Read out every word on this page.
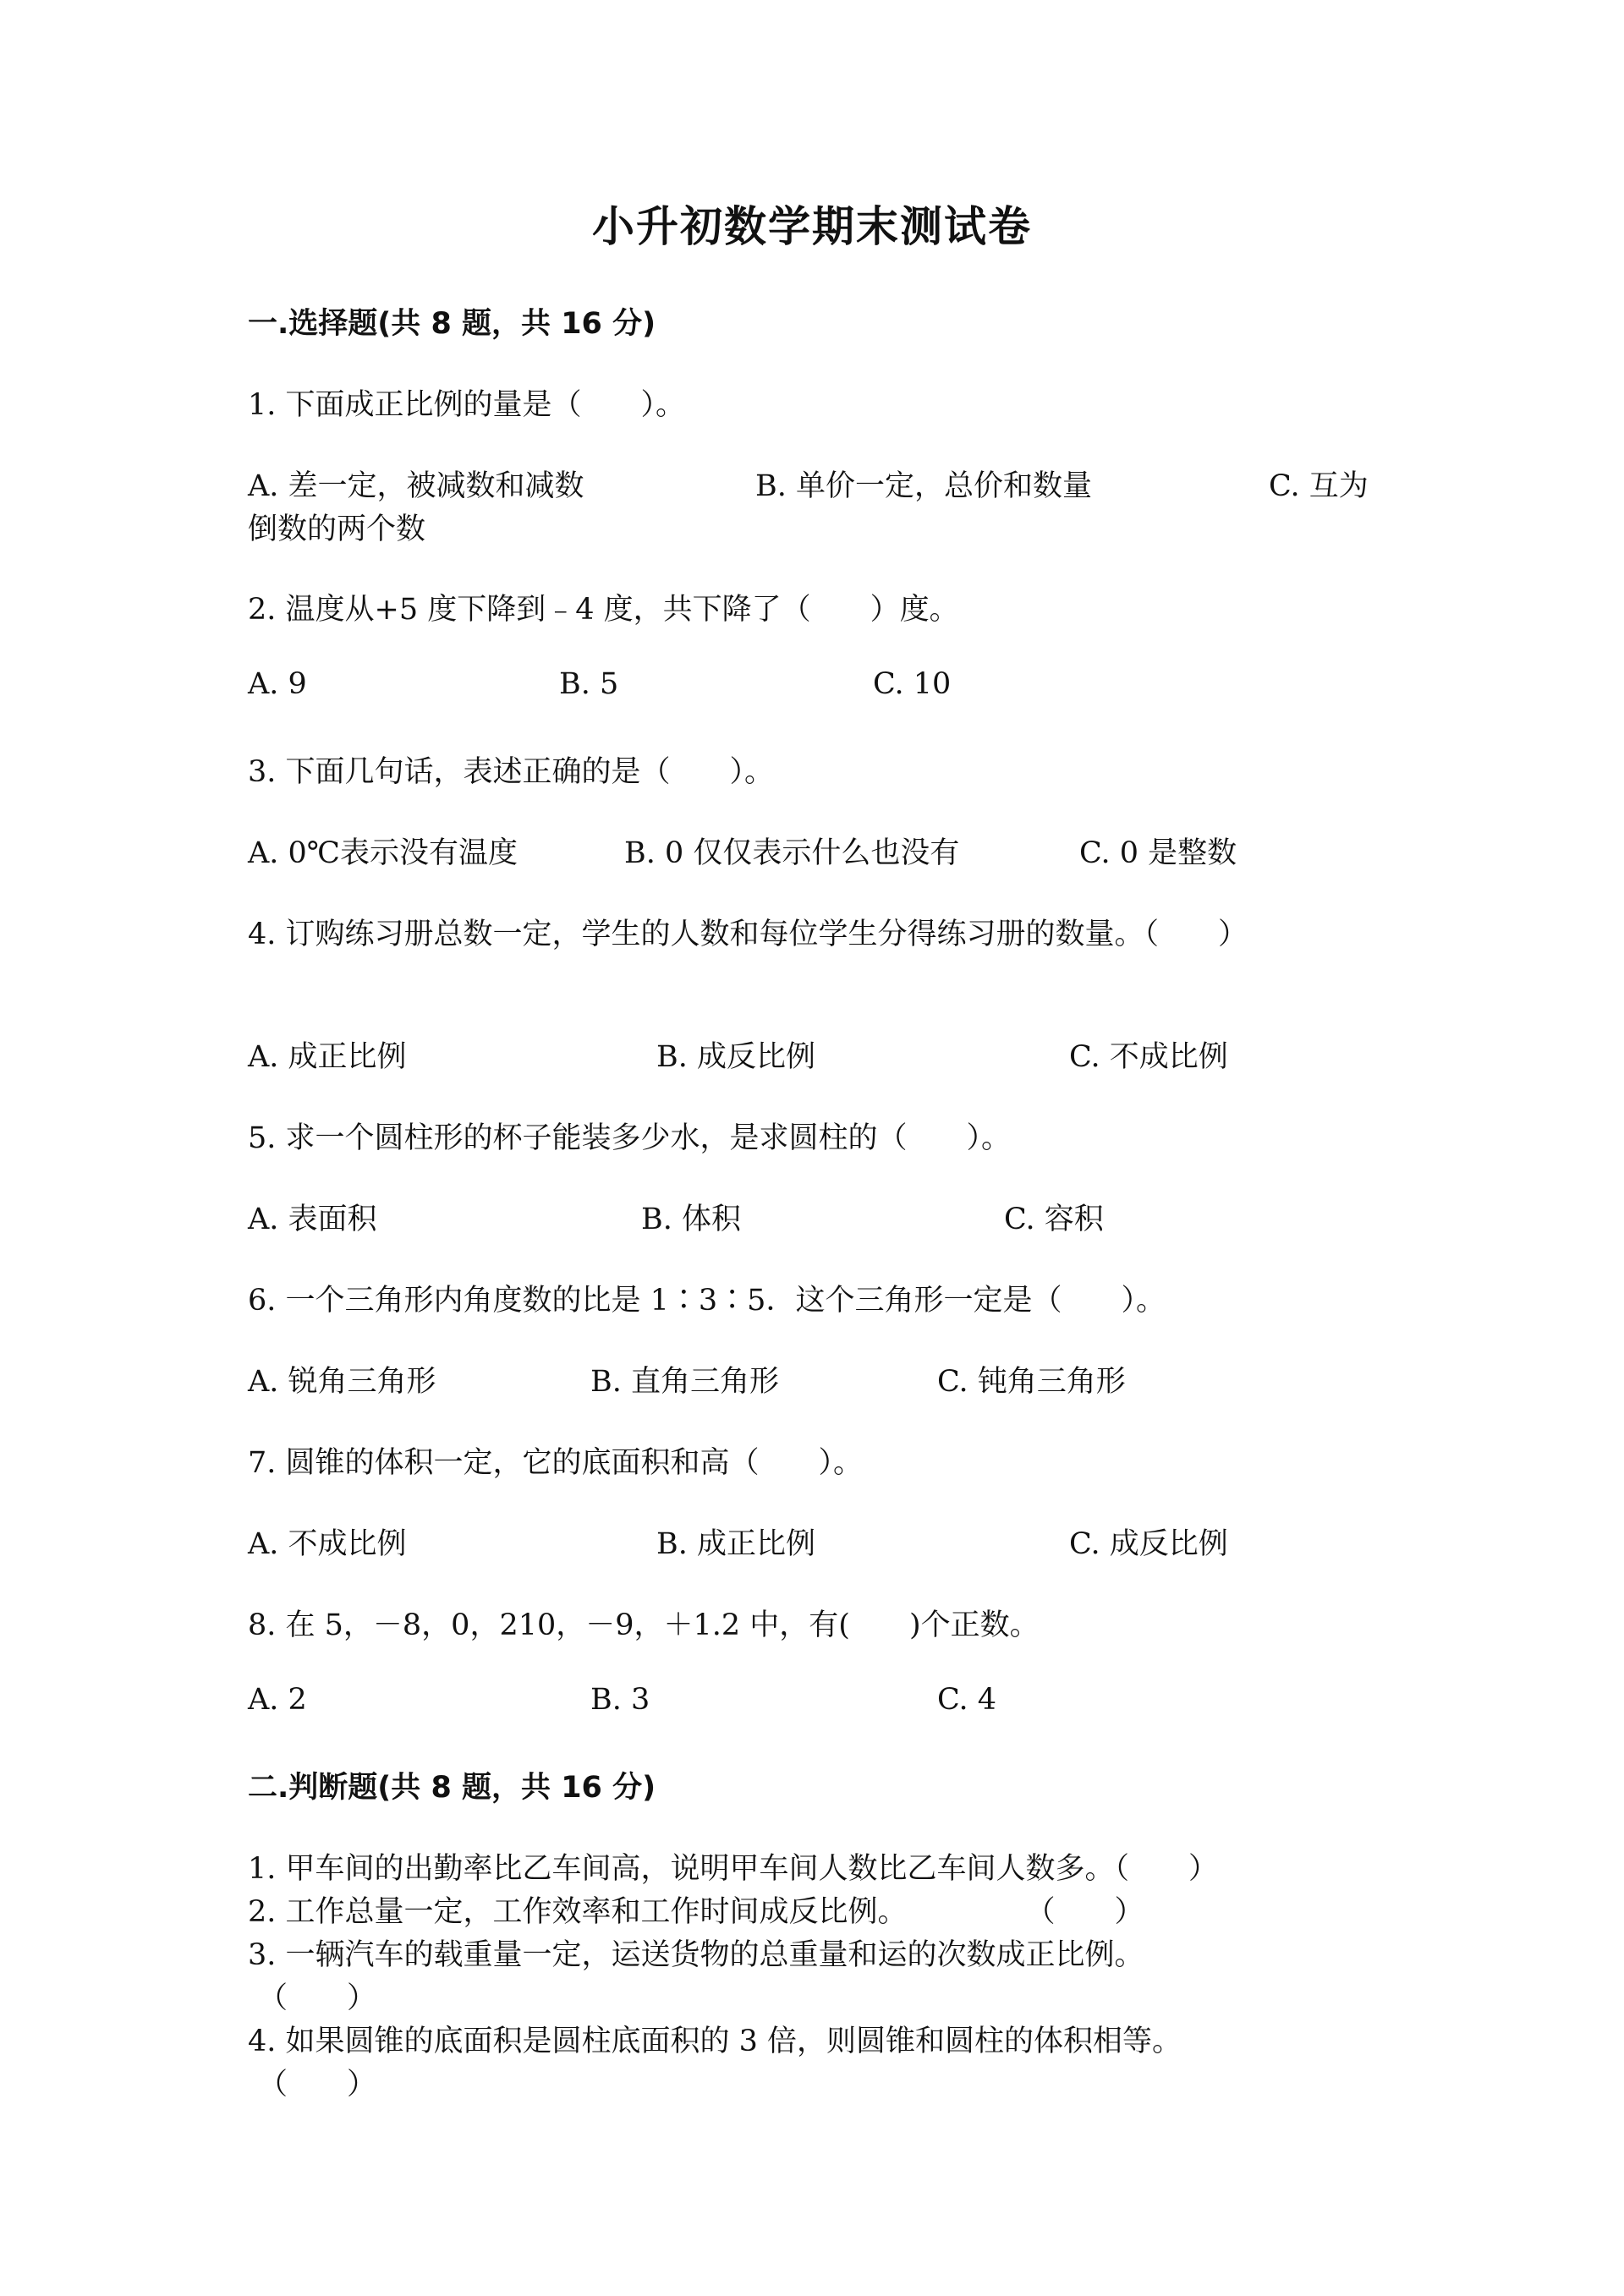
小升初数学期末测试卷
一.选择题(共 8 题，共 16 分)
1. 下面成正比例的量是（　　）。
A. 差一定，被减数和减数	B. 单价一定，总价和数量	C. 互为
倒数的两个数
2. 温度从+5 度下降到﹣4 度，共下降了（　　）度。
A. 9	B. 5	C. 10
3. 下面几句话，表述正确的是（　　）。
A. 0℃表示没有温度	B. 0 仅仅表示什么也没有	C. 0 是整数
4. 订购练习册总数一定，学生的人数和每位学生分得练习册的数量。（　　）
A. 成正比例	B. 成反比例	C. 不成比例
5. 求一个圆柱形的杯子能装多少水，是求圆柱的（　　）。
A. 表面积	B. 体积	C. 容积
6. 一个三角形内角度数的比是 1∶3∶5．这个三角形一定是（　　）。
A. 锐角三角形	B. 直角三角形	C. 钝角三角形
7. 圆锥的体积一定，它的底面积和高（　　）。
A. 不成比例	B. 成正比例	C. 成反比例
8. 在 5，－8，0，210，－9，＋1.2 中，有(　　)个正数。
A. 2	B. 3	C. 4
二.判断题(共 8 题，共 16 分)
1. 甲车间的出勤率比乙车间高，说明甲车间人数比乙车间人数多。（　　）
2. 工作总量一定，工作效率和工作时间成反比例。　　　　　（　　）
3. 一辆汽车的载重量一定，运送货物的总重量和运的次数成正比例。
（　　）
4. 如果圆锥的底面积是圆柱底面积的 3 倍，则圆锥和圆柱的体积相等。
（　　）
